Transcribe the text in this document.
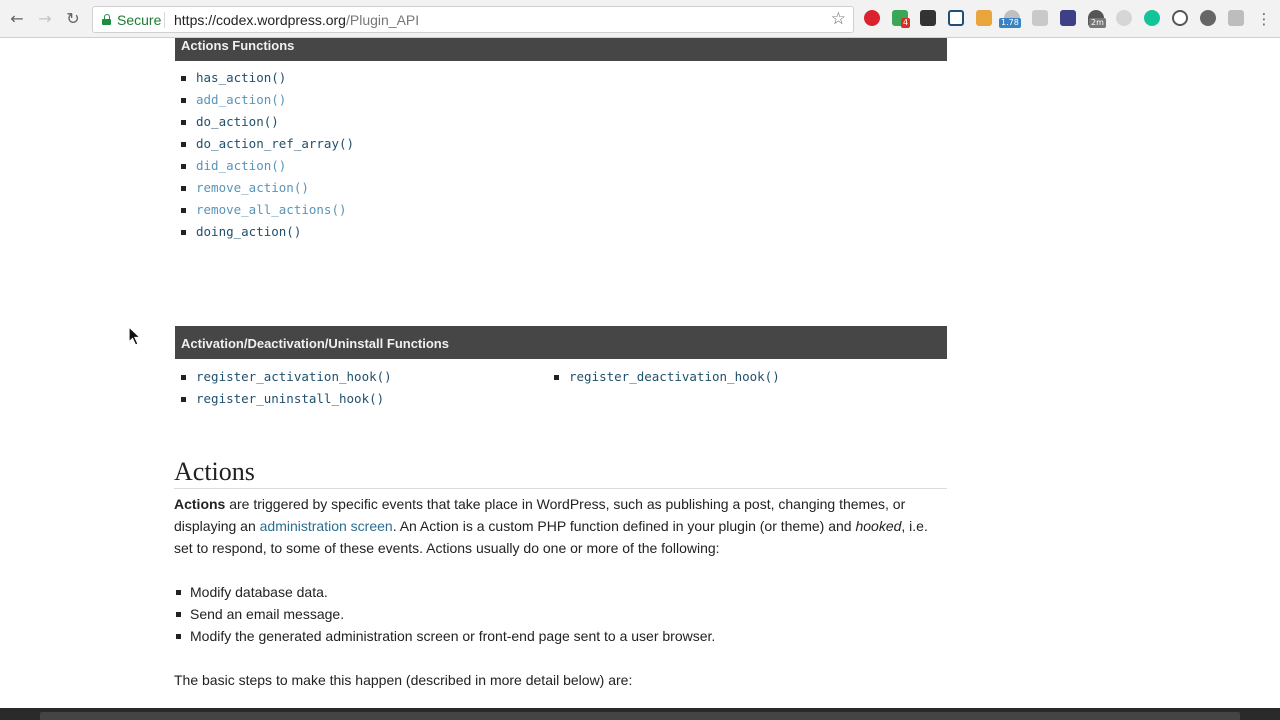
← → ↻	Secure https://codex.wordpress.org/Plugin_API	☆	4	1.78	2m	⋮
Actions Functions
has_action()
add_action()
do_action()
do_action_ref_array()
did_action()
remove_action()
remove_all_actions()
doing_action()
Activation/Deactivation/Uninstall Functions
register_activation_hook()
register_uninstall_hook()
register_deactivation_hook()
Actions

Actions are triggered by specific events that take place in WordPress, such as publishing a post, changing themes, or displaying an administration screen. An Action is a custom PHP function defined in your plugin (or theme) and hooked, i.e. set to respond, to some of these events. Actions usually do one or more of the following:

Modify database data.
Send an email message.
Modify the generated administration screen or front-end page sent to a user browser.

The basic steps to make this happen (described in more detail below) are:
